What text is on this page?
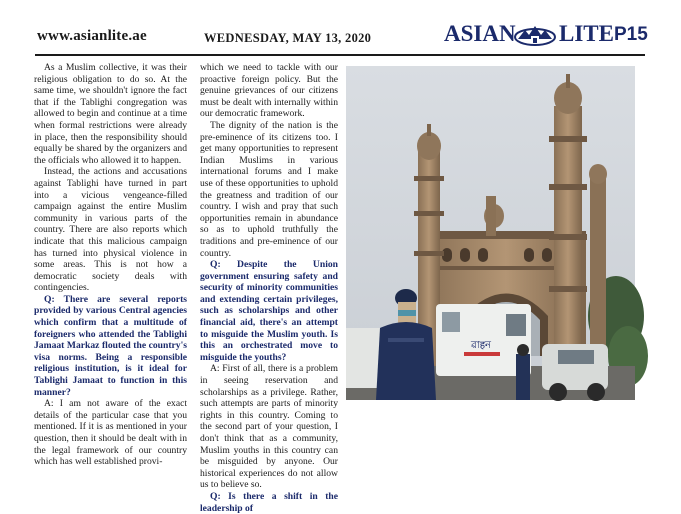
www.asianlite.ae	WEDNESDAY, MAY 13, 2020	ASIAN LITE P15

As a Muslim collective, it was their religious obligation to do so. At the same time, we shouldn't ignore the fact that if the Tablighi congregation was allowed to begin and continue at a time when formal restrictions were already in place, then the responsibility should equally be shared by the organizers and the officials who allowed it to happen.

Instead, the actions and accusations against Tablighi have turned in part into a vicious vengeance-filled campaign against the entire Muslim community in various parts of the country. There are also reports which indicate that this malicious campaign has turned into physical violence in some areas. This is not how a democratic society deals with contingencies.

Q: There are several reports provided by various Central agencies which confirm that a multitude of foreigners who attended the Tablighi Jamaat Markaz flouted the country's visa norms. Being a responsible religious institution, is it ideal for Tablighi Jamaat to function in this manner?

A: I am not aware of the exact details of the particular case that you mentioned. If it is as mentioned in your question, then it should be dealt with in the legal framework of our country which has well established provi-

which we need to tackle with our proactive foreign policy. But the genuine grievances of our citizens must be dealt with internally within our democratic framework.

The dignity of the nation is the pre-eminence of its citizens too. I get many opportunities to represent Indian Muslims in various international forums and I make use of these opportunities to uphold the greatness and tradition of our country. I wish and pray that such opportunities remain in abundance so as to uphold truthfully the traditions and pre-eminence of our country.

Q: Despite the Union government ensuring safety and security of minority communities and extending certain privileges, such as scholarships and other financial aid, there's an attempt to misguide the Muslim youth. Is this an orchestrated move to misguide the youths?

A: First of all, there is a problem in seeing reservation and scholarships as a privilege. Rather, such attempts are parts of minority rights in this country. Coming to the second part of your question, I don't think that as a community, Muslim youths in this country can be misguided by anyone. Our historical experiences do not allow us to believe so.

Q: Is there a shift in the leadership of

ৱাहন
